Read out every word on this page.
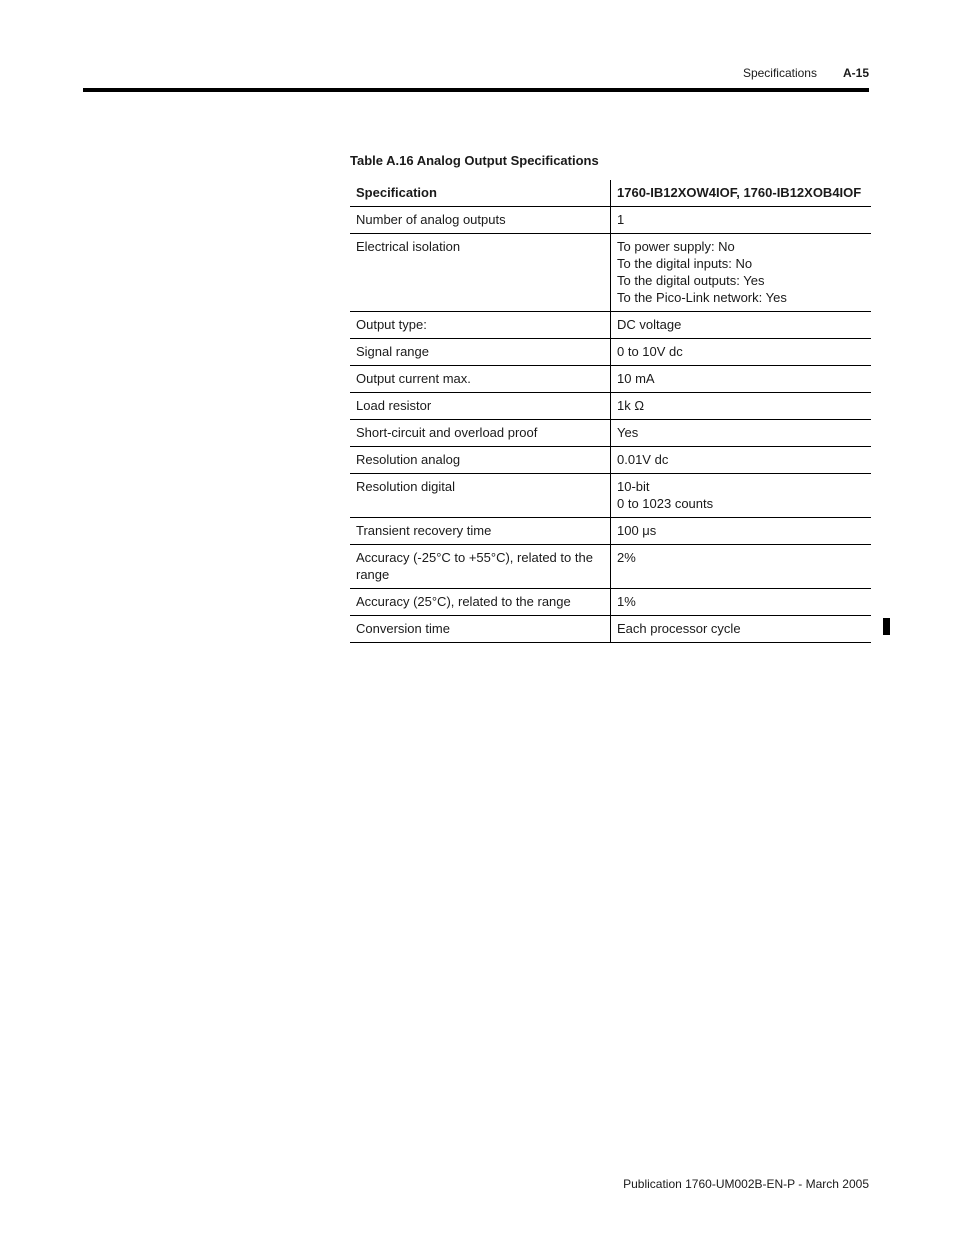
Specifications A-15
Table A.16 Analog Output Specifications
Specification	1760-IB12XOW4IOF, 1760-IB12XOB4IOF
Number of analog outputs	1

Electrical isolation	To power supply: No
To the digital inputs: No
To the digital outputs: Yes
To the Pico-Link network: Yes

Output type:	DC voltage

Signal range	0 to 10V dc

Output current max.	10 mA

Load resistor	1k Ω

Short-circuit and overload proof	Yes

Resolution analog	0.01V dc

Resolution digital	10-bit
0 to 1023 counts

Transient recovery time	100 μs

Accuracy (-25°C to +55°C), related to the range	2%

Accuracy (25°C), related to the range	1%

Conversion time	Each processor cycle
Publication 1760-UM002B-EN-P - March 2005
